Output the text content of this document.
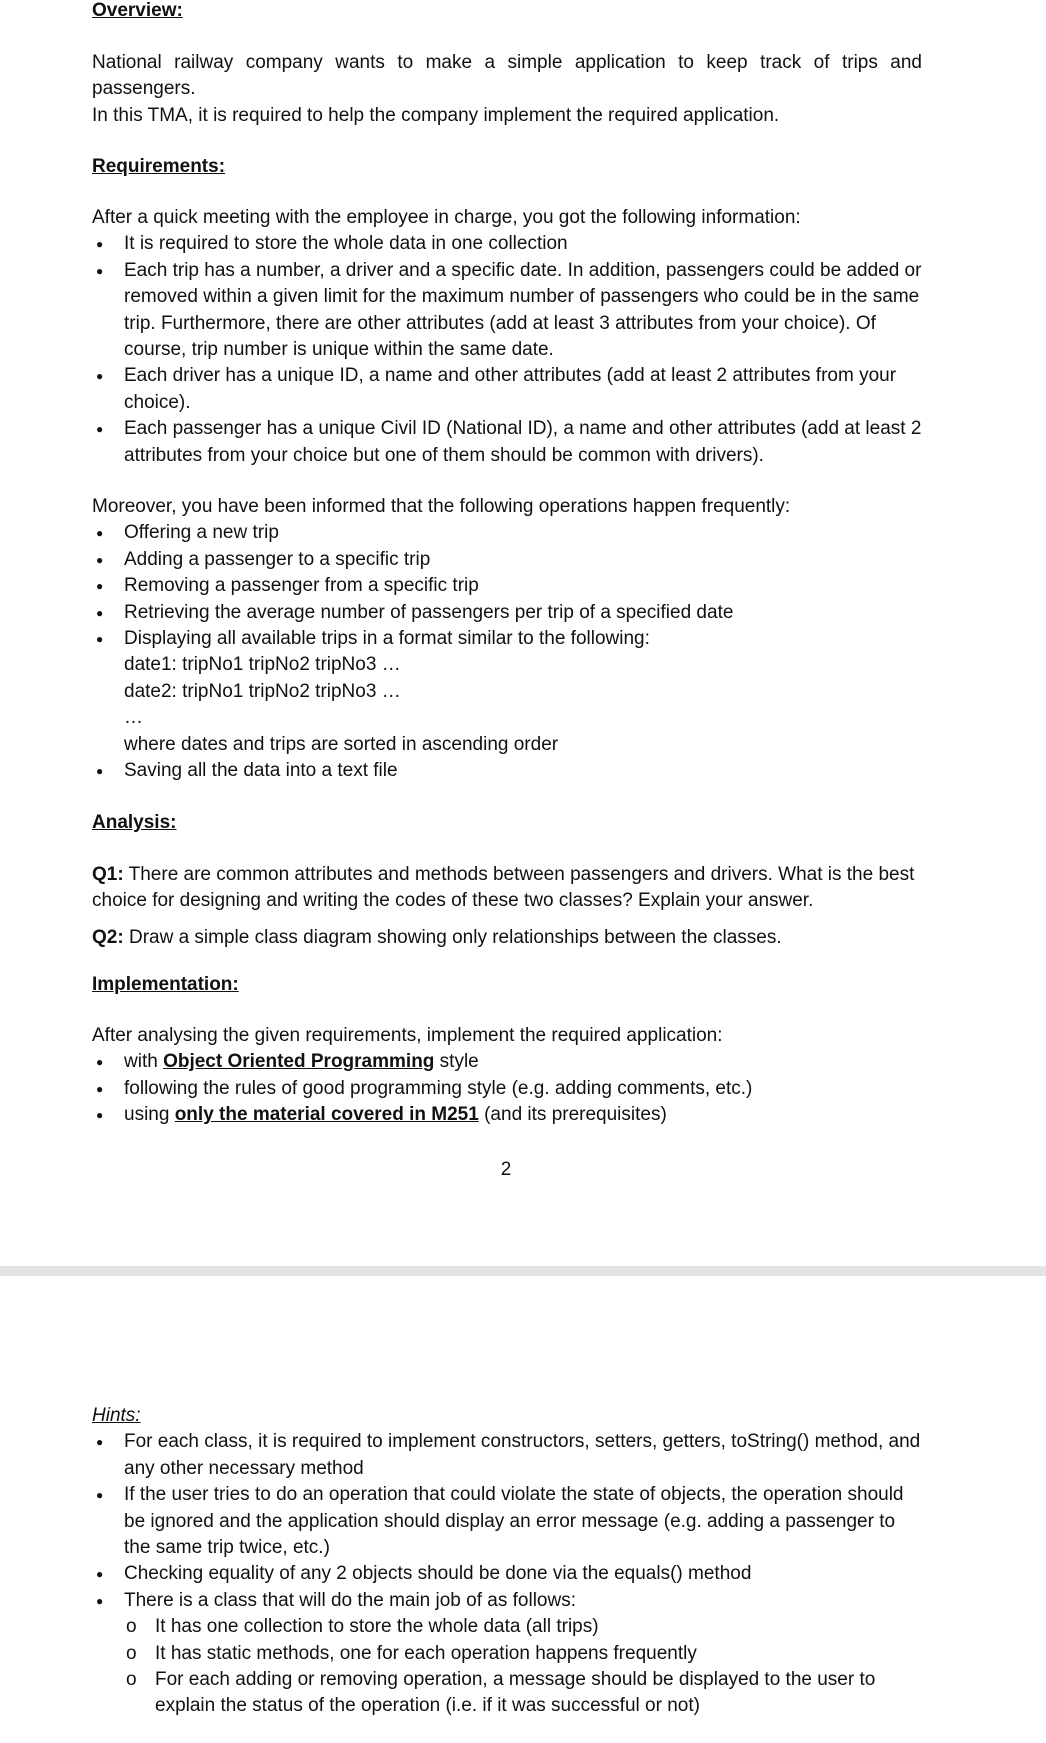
Overview:

National railway company wants to make a simple application to keep track of trips and passengers.

In this TMA, it is required to help the company implement the required application.

Requirements:

After a quick meeting with the employee in charge, you got the following information:

● It is required to store the whole data in one collection
● Each trip has a number, a driver and a specific date. In addition, passengers could be added or removed within a given limit for the maximum number of passengers who could be in the same trip. Furthermore, there are other attributes (add at least 3 attributes from your choice). Of course, trip number is unique within the same date.
● Each driver has a unique ID, a name and other attributes (add at least 2 attributes from your choice).
● Each passenger has a unique Civil ID (National ID), a name and other attributes (add at least 2 attributes from your choice but one of them should be common with drivers).

Moreover, you have been informed that the following operations happen frequently:

● Offering a new trip
● Adding a passenger to a specific trip
● Removing a passenger from a specific trip
● Retrieving the average number of passengers per trip of a specified date
● Displaying all available trips in a format similar to the following:

date1: tripNo1 tripNo2 tripNo3 …

date2: tripNo1 tripNo2 tripNo3 …

…

where dates and trips are sorted in ascending order

● Saving all the data into a text file

Analysis:

Q1: There are common attributes and methods between passengers and drivers. What is the best choice for designing and writing the codes of these two classes? Explain your answer.

Q2: Draw a simple class diagram showing only relationships between the classes.

Implementation:

After analysing the given requirements, implement the required application:

● with Object Oriented Programming style
● following the rules of good programming style (e.g. adding comments, etc.)
● using only the material covered in M251 (and its prerequisites)
2

Hints:

● For each class, it is required to implement constructors, setters, getters, toString() method, and any other necessary method
● If the user tries to do an operation that could violate the state of objects, the operation should be ignored and the application should display an error message (e.g. adding a passenger to the same trip twice, etc.)
● Checking equality of any 2 objects should be done via the equals() method
● There is a class that will do the main job of as follows:
o It has one collection to store the whole data (all trips)
o It has static methods, one for each operation happens frequently
o For each adding or removing operation, a message should be displayed to the user to explain the status of the operation (i.e. if it was successful or not)
